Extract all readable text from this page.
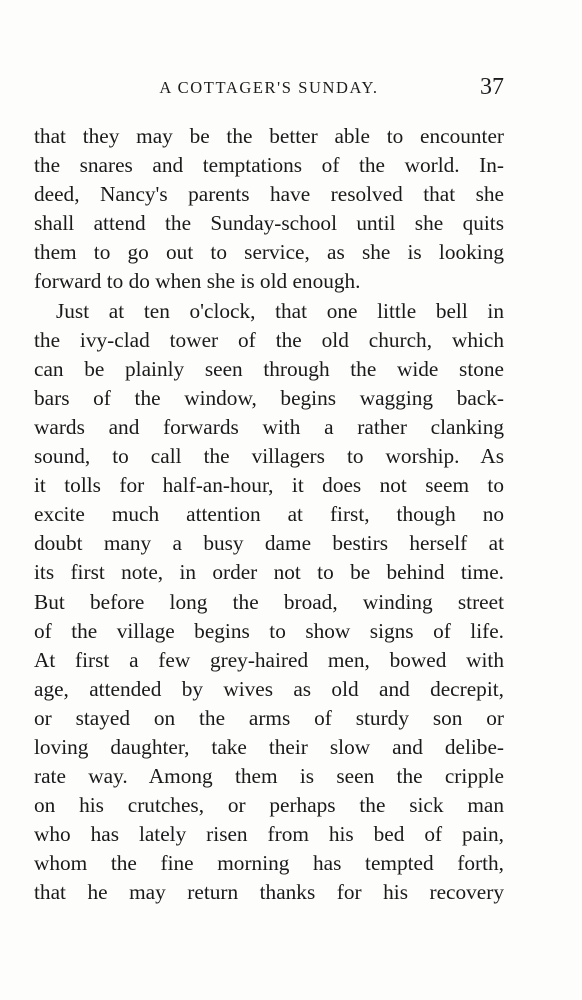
A COTTAGER'S SUNDAY.	37
that they may be the better able to encounter
the snares and temptations of the world. In-
deed, Nancy's parents have resolved that she
shall attend the Sunday-school until she quits
them to go out to service, as she is looking
forward to do when she is old enough.
Just at ten o'clock, that one little bell in
the ivy-clad tower of the old church, which
can be plainly seen through the wide stone
bars of the window, begins wagging back-
wards and forwards with a rather clanking
sound, to call the villagers to worship. As
it tolls for half-an-hour, it does not seem to
excite much attention at first, though no
doubt many a busy dame bestirs herself at
its first note, in order not to be behind time.
But before long the broad, winding street
of the village begins to show signs of life.
At first a few grey-haired men, bowed with
age, attended by wives as old and decrepit,
or stayed on the arms of sturdy son or
loving daughter, take their slow and delibe-
rate way. Among them is seen the cripple
on his crutches, or perhaps the sick man
who has lately risen from his bed of pain,
whom the fine morning has tempted forth,
that he may return thanks for his recovery
